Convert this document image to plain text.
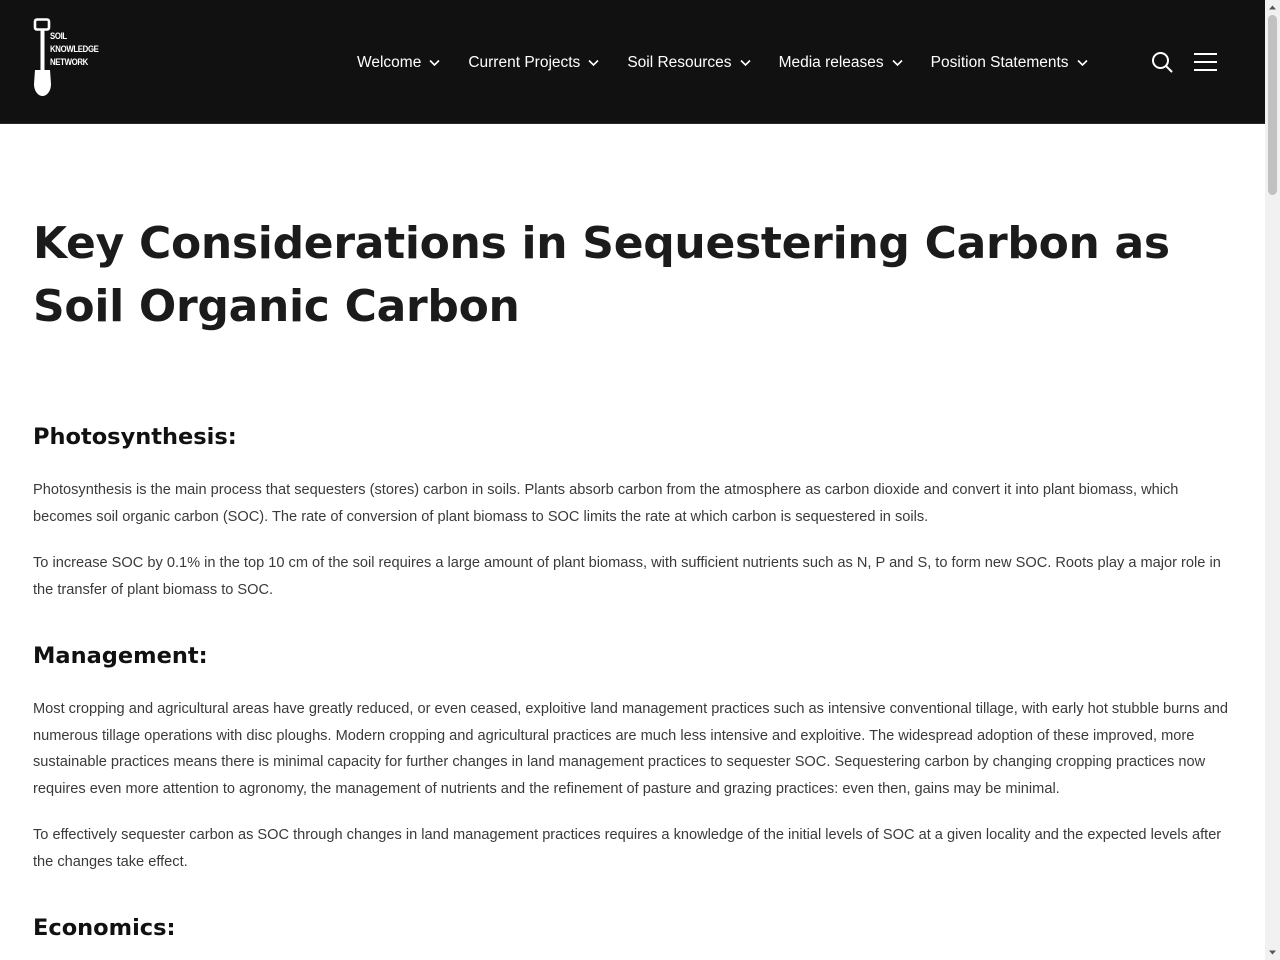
SOIL
KNOWLEDGE
NETWORK	Welcome	Current Projects	Soil Resources	Media releases	Position Statements
Key Considerations in Sequestering Carbon as Soil Organic Carbon
Photosynthesis:

Photosynthesis is the main process that sequesters (stores) carbon in soils. Plants absorb carbon from the atmosphere as carbon dioxide and convert it into plant biomass, which becomes soil organic carbon (SOC). The rate of conversion of plant biomass to SOC limits the rate at which carbon is sequestered in soils.

To increase SOC by 0.1% in the top 10 cm of the soil requires a large amount of plant biomass, with sufficient nutrients such as N, P and S, to form new SOC. Roots play a major role in the transfer of plant biomass to SOC.

Management:

Most cropping and agricultural areas have greatly reduced, or even ceased, exploitive land management practices such as intensive conventional tillage, with early hot stubble burns and numerous tillage operations with disc ploughs. Modern cropping and agricultural practices are much less intensive and exploitive. The widespread adoption of these improved, more sustainable practices means there is minimal capacity for further changes in land management practices to sequester SOC. Sequestering carbon by changing cropping practices now requires even more attention to agronomy, the management of nutrients and the refinement of pasture and grazing practices: even then, gains may be minimal.

To effectively sequester carbon as SOC through changes in land management practices requires a knowledge of the initial levels of SOC at a given locality and the expected levels after the changes take effect.

Economics:
